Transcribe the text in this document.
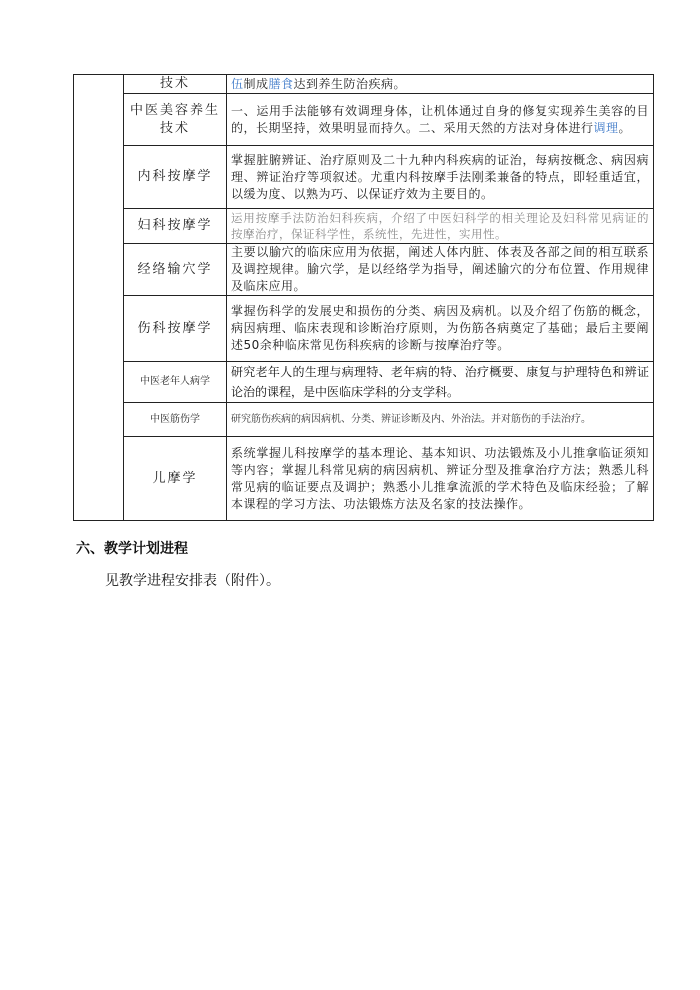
	技术	伍制成膳食达到养生防治疾病。
	中医美容养生技术	一、运用手法能够有效调理身体，让机体通过自身的修复实现养生美容的目的，长期坚持，效果明显而持久。二、采用天然的方法对身体进行调理。
	内科按摩学	掌握脏腑辨证、治疗原则及二十九种内科疾病的证治，每病按概念、病因病理、辨证治疗等项叙述。尤重内科按摩手法刚柔兼备的特点，即轻重适宜，以缓为度、以熟为巧、以保证疗效为主要目的。
	妇科按摩学	运用按摩手法防治妇科疾病，介绍了中医妇科学的相关理论及妇科常见病证的按摩治疗，保证科学性，系统性，先进性，实用性。
	经络输穴学	主要以腧穴的临床应用为依据，阐述人体内脏、体表及各部之间的相互联系及调控规律。腧穴学，是以经络学为指导，阐述腧穴的分布位置、作用规律及临床应用。
	伤科按摩学	掌握伤科学的发展史和损伤的分类、病因及病机。以及介绍了伤筋的概念，病因病理、临床表现和诊断治疗原则，为伤筋各病奠定了基础；最后主要阐述50余种临床常见伤科疾病的诊断与按摩治疗等。
	中医老年人病学	研究老年人的生理与病理特、老年病的特、治疗概要、康复与护理特色和辨证论治的课程，是中医临床学科的分支学科。
	中医筋伤学	研究筋伤疾病的病因病机、分类、辨证诊断及内、外治法。并对筋伤的手法治疗。
	儿摩学	系统掌握儿科按摩学的基本理论、基本知识、功法锻炼及小儿推拿临证须知等内容；掌握儿科常见病的病因病机、辨证分型及推拿治疗方法；熟悉儿科常见病的临证要点及调护；熟悉小儿推拿流派的学术特色及临床经验；了解本课程的学习方法、功法锻炼方法及名家的技法操作。
六、教学计划进程

见教学进程安排表（附件）。
